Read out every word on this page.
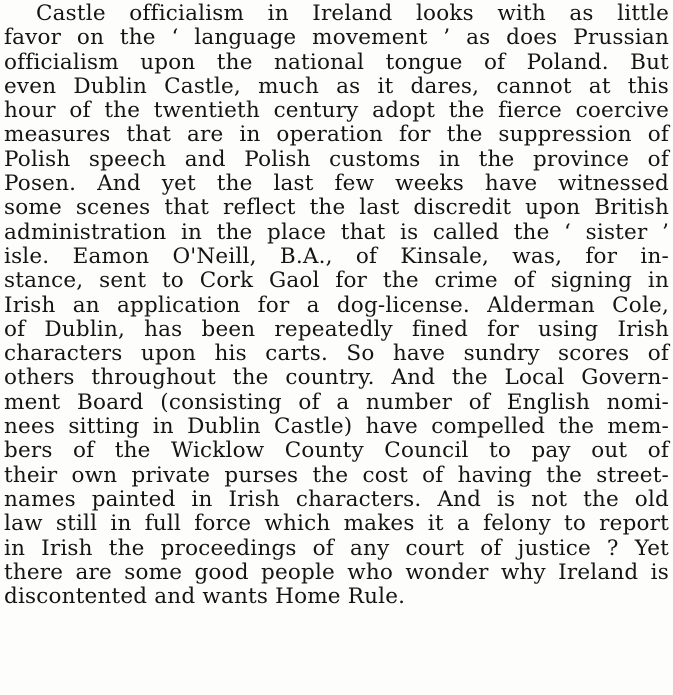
Castle officialism in Ireland looks with as little
favor on the ‘ language movement ’ as does Prussian
officialism upon the national tongue of Poland. But
even Dublin Castle, much as it dares, cannot at this
hour of the twentieth century adopt the fierce coercive
measures that are in operation for the suppression of
Polish speech and Polish customs in the province of
Posen. And yet the last few weeks have witnessed
some scenes that reflect the last discredit upon British
administration in the place that is called the ‘ sister ’
isle. Eamon O'Neill, B.A., of Kinsale, was, for in-
stance, sent to Cork Gaol for the crime of signing in
Irish an application for a dog-license. Alderman Cole,
of Dublin, has been repeatedly fined for using Irish
characters upon his carts. So have sundry scores of
others throughout the country. And the Local Govern-
ment Board (consisting of a number of English nomi-
nees sitting in Dublin Castle) have compelled the mem-
bers of the Wicklow County Council to pay out of
their own private purses the cost of having the street-
names painted in Irish characters. And is not the old
law still in full force which makes it a felony to report
in Irish the proceedings of any court of justice ? Yet
there are some good people who wonder why Ireland is
discontented and wants Home Rule.
